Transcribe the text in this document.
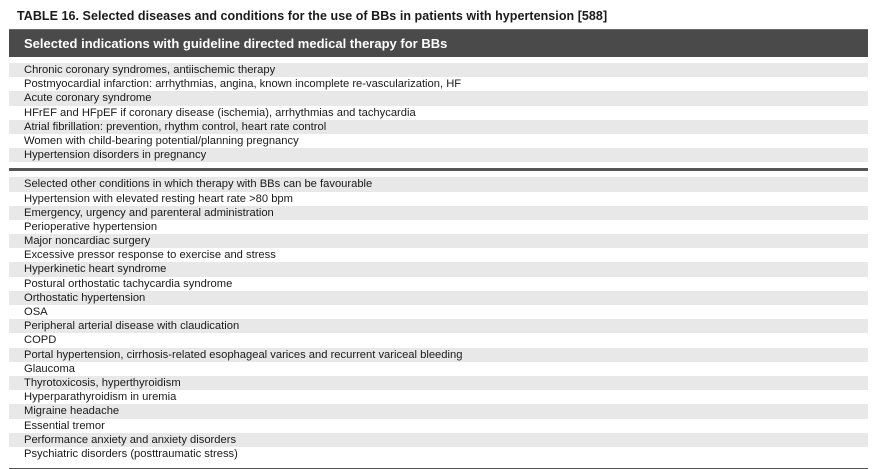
TABLE 16. Selected diseases and conditions for the use of BBs in patients with hypertension [588]
Selected indications with guideline directed medical therapy for BBs
Chronic coronary syndromes, antiischemic therapy
Postmyocardial infarction: arrhythmias, angina, known incomplete re-vascularization, HF
Acute coronary syndrome
HFrEF and HFpEF if coronary disease (ischemia), arrhythmias and tachycardia
Atrial fibrillation: prevention, rhythm control, heart rate control
Women with child-bearing potential/planning pregnancy
Hypertension disorders in pregnancy
Selected other conditions in which therapy with BBs can be favourable
Hypertension with elevated resting heart rate >80 bpm
Emergency, urgency and parenteral administration
Perioperative hypertension
Major noncardiac surgery
Excessive pressor response to exercise and stress
Hyperkinetic heart syndrome
Postural orthostatic tachycardia syndrome
Orthostatic hypertension
OSA
Peripheral arterial disease with claudication
COPD
Portal hypertension, cirrhosis-related esophageal varices and recurrent variceal bleeding
Glaucoma
Thyrotoxicosis, hyperthyroidism
Hyperparathyroidism in uremia
Migraine headache
Essential tremor
Performance anxiety and anxiety disorders
Psychiatric disorders (posttraumatic stress)
